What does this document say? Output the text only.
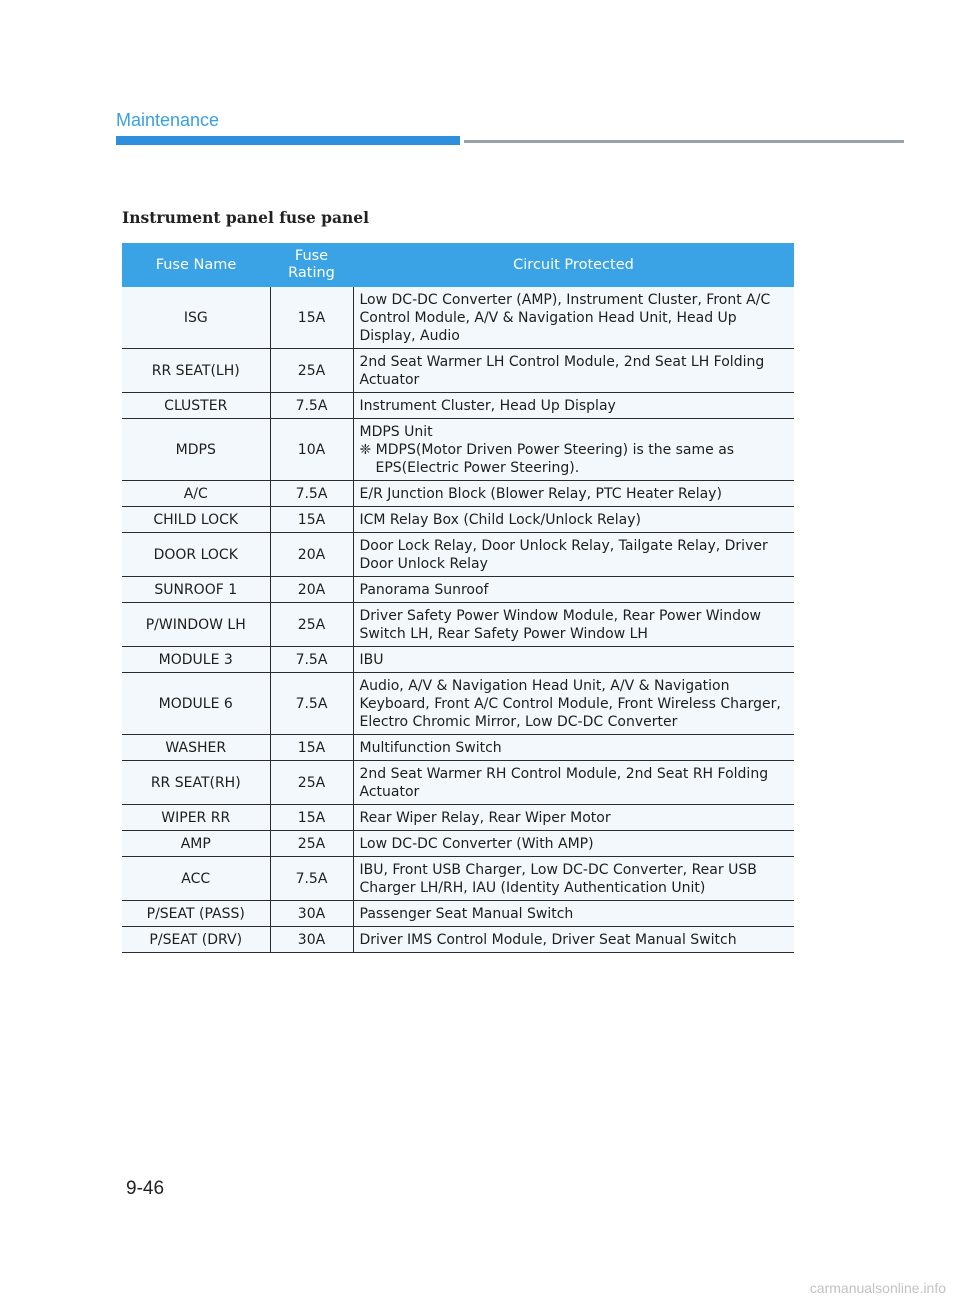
Maintenance
Instrument panel fuse panel
Fuse Name	Fuse Rating	Circuit Protected
ISG	15A	Low DC-DC Converter (AMP), Instrument Cluster, Front A/C Control Module, A/V & Navigation Head Unit, Head Up Display, Audio
RR SEAT(LH)	25A	2nd Seat Warmer LH Control Module, 2nd Seat LH Folding Actuator
CLUSTER	7.5A	Instrument Cluster, Head Up Display
MDPS	10A	MDPS Unit
❈ MDPS(Motor Driven Power Steering) is the same as EPS(Electric Power Steering).

A/C	7.5A	E/R Junction Block (Blower Relay, PTC Heater Relay)
CHILD LOCK	15A	ICM Relay Box (Child Lock/Unlock Relay)
DOOR LOCK	20A	Door Lock Relay, Door Unlock Relay, Tailgate Relay, Driver Door Unlock Relay
SUNROOF 1	20A	Panorama Sunroof
P/WINDOW LH	25A	Driver Safety Power Window Module, Rear Power Window Switch LH, Rear Safety Power Window LH
MODULE 3	7.5A	IBU
MODULE 6	7.5A	Audio, A/V & Navigation Head Unit, A/V & Navigation Keyboard, Front A/C Control Module, Front Wireless Charger, Electro Chromic Mirror, Low DC-DC Converter
WASHER	15A	Multifunction Switch
RR SEAT(RH)	25A	2nd Seat Warmer RH Control Module, 2nd Seat RH Folding Actuator
WIPER RR	15A	Rear Wiper Relay, Rear Wiper Motor
AMP	25A	Low DC-DC Converter (With AMP)
ACC	7.5A	IBU, Front USB Charger, Low DC-DC Converter, Rear USB Charger LH/RH, IAU (Identity Authentication Unit)
P/SEAT (PASS)	30A	Passenger Seat Manual Switch
P/SEAT (DRV)	30A	Driver IMS Control Module, Driver Seat Manual Switch
9-46
carmanualsonline.info
